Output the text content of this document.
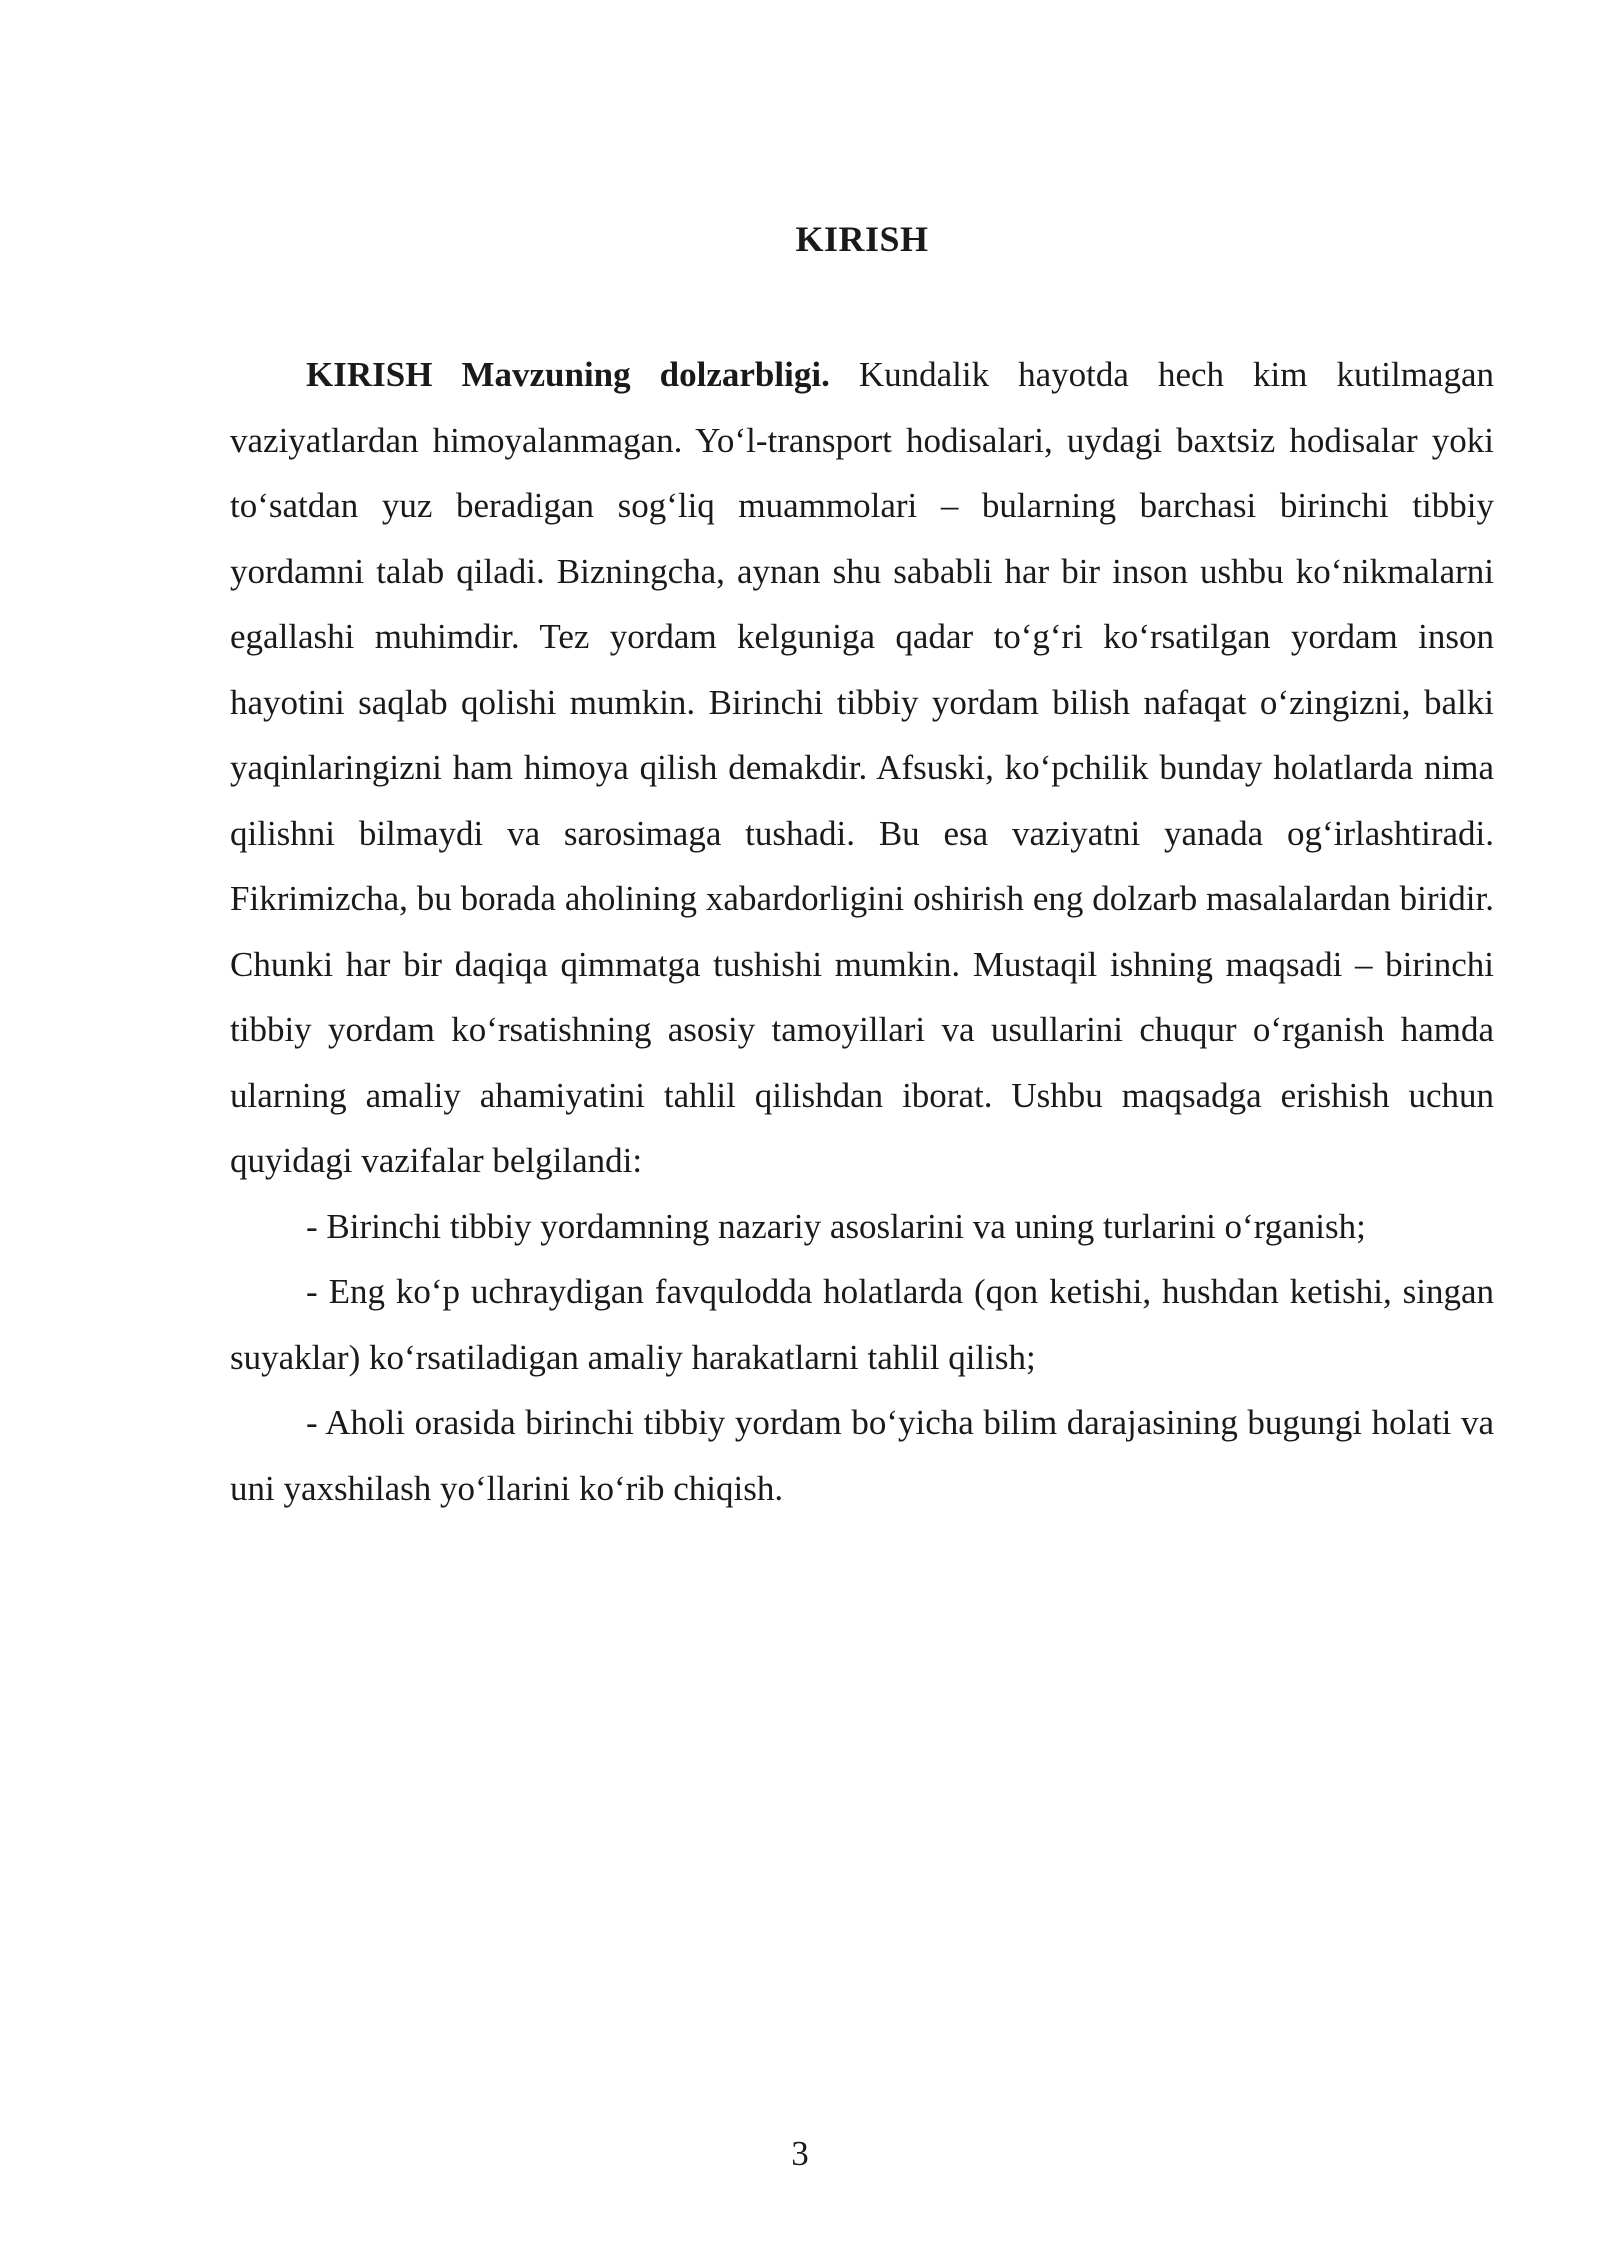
KIRISH

KIRISH Mavzuning dolzarbligi. Kundalik hayotda hech kim kutilmagan vaziyatlardan himoyalanmagan. Yo‘l-transport hodisalari, uydagi baxtsiz hodisalar yoki to‘satdan yuz beradigan sog‘liq muammolari – bularning barchasi birinchi tibbiy yordamni talab qiladi. Bizningcha, aynan shu sababli har bir inson ushbu ko‘nikmalarni egallashi muhimdir. Tez yordam kelguniga qadar to‘g‘ri ko‘rsatilgan yordam inson hayotini saqlab qolishi mumkin. Birinchi tibbiy yordam bilish nafaqat o‘zingizni, balki yaqinlaringizni ham himoya qilish demakdir. Afsuski, ko‘pchilik bunday holatlarda nima qilishni bilmaydi va sarosimaga tushadi. Bu esa vaziyatni yanada og‘irlashtiradi. Fikrimizcha, bu borada aholining xabardorligini oshirish eng dolzarb masalalardan biridir. Chunki har bir daqiqa qimmatga tushishi mumkin. Mustaqil ishning maqsadi – birinchi tibbiy yordam ko‘rsatishning asosiy tamoyillari va usullarini chuqur o‘rganish hamda ularning amaliy ahamiyatini tahlil qilishdan iborat. Ushbu maqsadga erishish uchun quyidagi vazifalar belgilandi:

- Birinchi tibbiy yordamning nazariy asoslarini va uning turlarini o‘rganish;

- Eng ko‘p uchraydigan favqulodda holatlarda (qon ketishi, hushdan ketishi, singan suyaklar) ko‘rsatiladigan amaliy harakatlarni tahlil qilish;

- Aholi orasida birinchi tibbiy yordam bo‘yicha bilim darajasining bugungi holati va uni yaxshilash yo‘llarini ko‘rib chiqish.

3
